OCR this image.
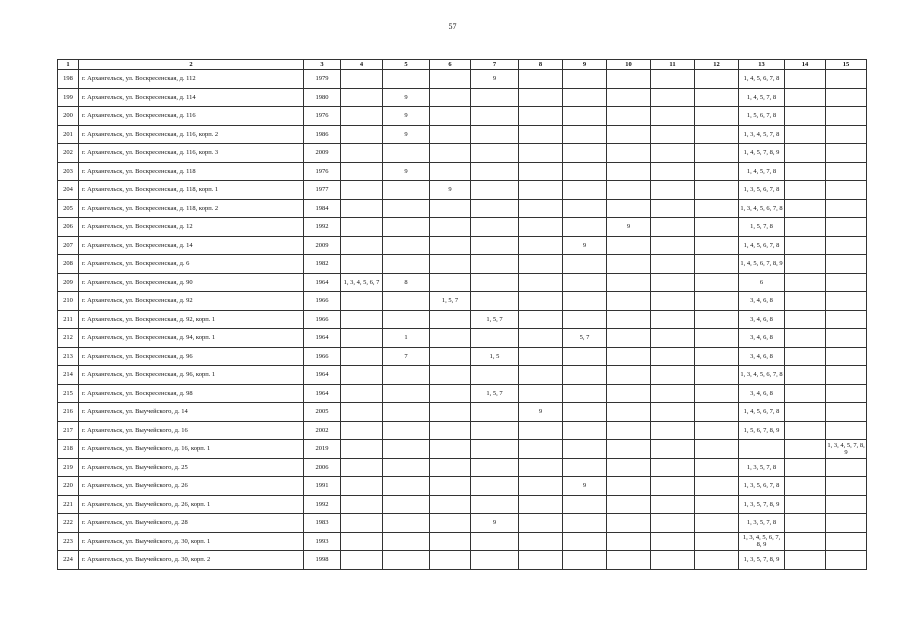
57
1	2	3	4	5	6	7	8	9	10	11	12	13	14	15
198	г. Архангельск, ул. Воскресенская, д. 112	1979				9						1, 4, 5, 6, 7, 8		
199	г. Архангельск, ул. Воскресенская, д. 114	1980		9								1, 4, 5, 7, 8		
200	г. Архангельск, ул. Воскресенская, д. 116	1976		9								1, 5, 6, 7, 8		
201	г. Архангельск, ул. Воскресенская, д. 116, корп. 2	1986		9								1, 3, 4, 5, 7, 8		
202	г. Архангельск, ул. Воскресенская, д. 116, корп. 3	2009										1, 4, 5, 7, 8, 9		
203	г. Архангельск, ул. Воскресенская, д. 118	1976		9								1, 4, 5, 7, 8		
204	г. Архангельск, ул. Воскресенская, д. 118, корп. 1	1977			9							1, 3, 5, 6, 7, 8		
205	г. Архангельск, ул. Воскресенская, д. 118, корп. 2	1984										1, 3, 4, 5, 6, 7, 8		
206	г. Архангельск, ул. Воскресенская, д. 12	1992							9			1, 5, 7, 8		
207	г. Архангельск, ул. Воскресенская, д. 14	2009						9				1, 4, 5, 6, 7, 8		
208	г. Архангельск, ул. Воскресенская, д. 6	1982										1, 4, 5, 6, 7, 8, 9		
209	г. Архангельск, ул. Воскресенская, д. 90	1964	1, 3, 4, 5, 6, 7	8								6		
210	г. Архангельск, ул. Воскресенская, д. 92	1966			1, 5, 7							3, 4, 6, 8		
211	г. Архангельск, ул. Воскресенская, д. 92, корп. 1	1966				1, 5, 7						3, 4, 6, 8		
212	г. Архангельск, ул. Воскресенская, д. 94, корп. 1	1964		1				5, 7				3, 4, 6, 8		
213	г. Архангельск, ул. Воскресенская, д. 96	1966		7		1, 5						3, 4, 6, 8		
214	г. Архангельск, ул. Воскресенская, д. 96, корп. 1	1964										1, 3, 4, 5, 6, 7, 8		
215	г. Архангельск, ул. Воскресенская, д. 98	1964				1, 5, 7						3, 4, 6, 8		
216	г. Архангельск, ул. Выучейского, д. 14	2005					9					1, 4, 5, 6, 7, 8		
217	г. Архангельск, ул. Выучейского, д. 16	2002										1, 5, 6, 7, 8, 9		
218	г. Архангельск, ул. Выучейского, д. 16, корп. 1	2019												1, 3, 4, 5, 7, 8, 9
219	г. Архангельск, ул. Выучейского, д. 25	2006										1, 3, 5, 7, 8		
220	г. Архангельск, ул. Выучейского, д. 26	1991						9				1, 3, 5, 6, 7, 8		
221	г. Архангельск, ул. Выучейского, д. 26, корп. 1	1992										1, 3, 5, 7, 8, 9		
222	г. Архангельск, ул. Выучейского, д. 28	1983				9						1, 3, 5, 7, 8		
223	г. Архангельск, ул. Выучейского, д. 30, корп. 1	1993										1, 3, 4, 5, 6, 7, 8, 9		
224	г. Архангельск, ул. Выучейского, д. 30, корп. 2	1998										1, 3, 5, 7, 8, 9		
